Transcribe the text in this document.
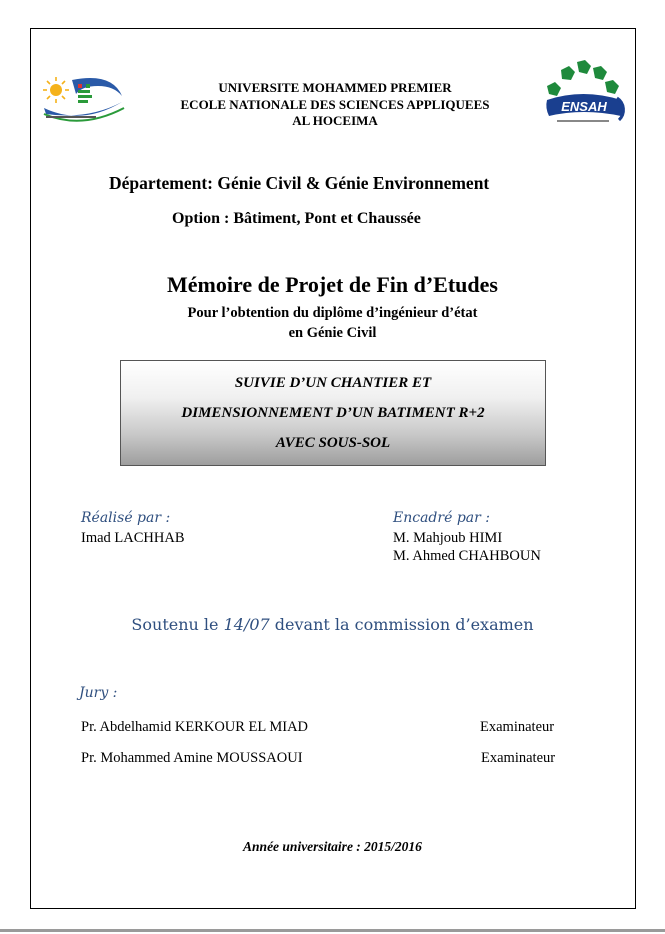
ENSAH
UNIVERSITE MOHAMMED PREMIER
ECOLE NATIONALE DES SCIENCES APPLIQUEES
AL HOCEIMA
Département: Génie Civil & Génie Environnement
Option : Bâtiment, Pont et Chaussée
Mémoire de Projet de Fin d’Etudes
Pour l’obtention du diplôme d’ingénieur d’état
en Génie Civil
SUIVIE D’UN CHANTIER ET
DIMENSIONNEMENT D’UN BATIMENT R+2
AVEC SOUS-SOL
Réalisé par :
Imad LACHHAB
Encadré par :
M. Mahjoub HIMI
M. Ahmed CHAHBOUN
Soutenu le 14/07 devant la commission d’examen
Jury :
Pr. Abdelhamid KERKOUR EL MIAD	Examinateur
Pr. Mohammed Amine MOUSSAOUI	Examinateur
Année universitaire : 2015/2016
